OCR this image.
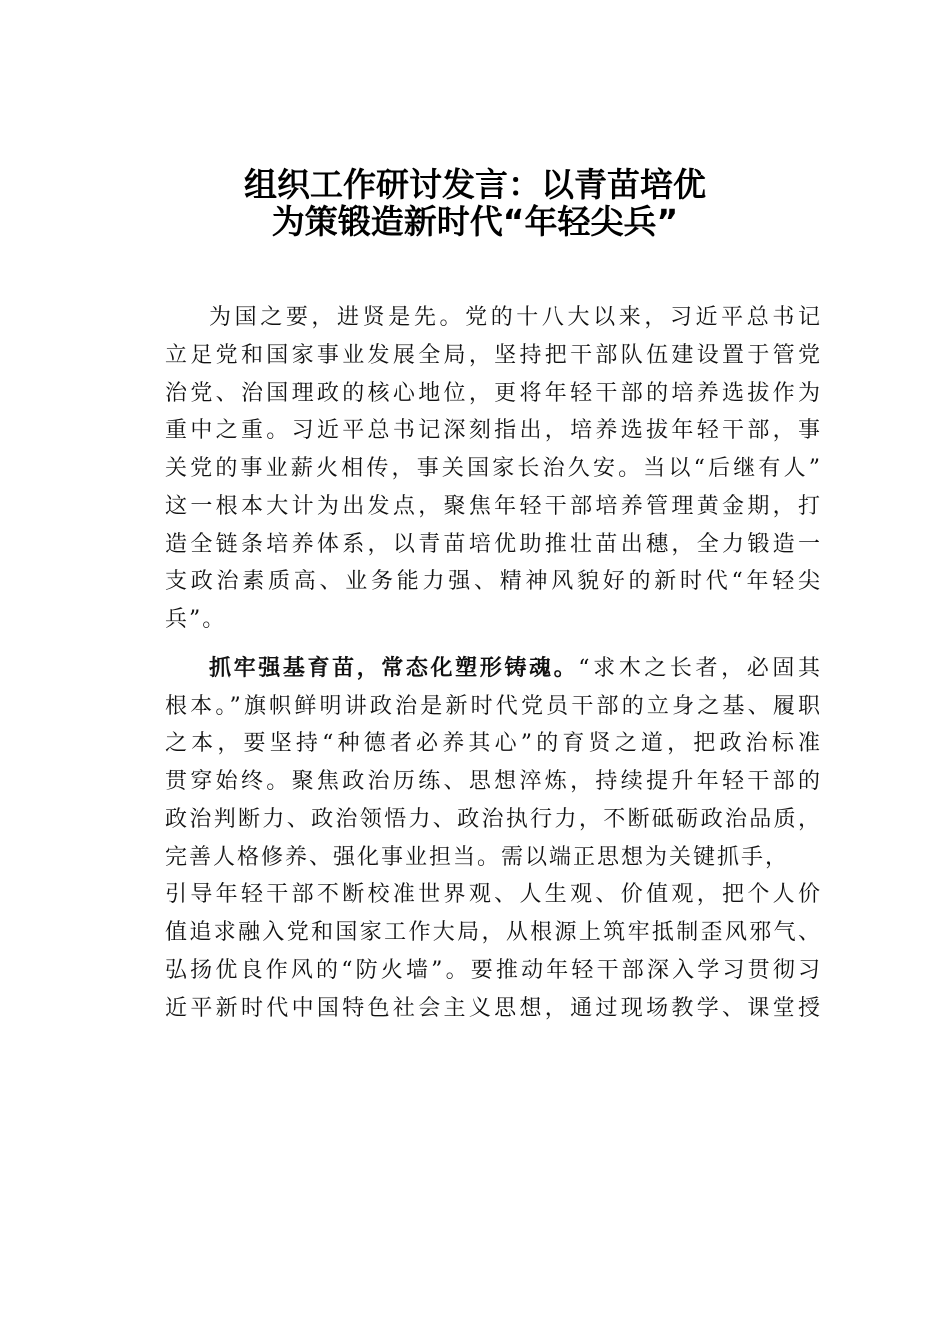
组织工作研讨发言：以青苗培优
为策锻造新时代“年轻尖兵”
为国之要，进贤是先。党的十八大以来，习近平总书记
立足党和国家事业发展全局，坚持把干部队伍建设置于管党
治党、治国理政的核心地位，更将年轻干部的培养选拔作为
重中之重。习近平总书记深刻指出，培养选拔年轻干部，事
关党的事业薪火相传，事关国家长治久安。当以“后继有人”
这一根本大计为出发点，聚焦年轻干部培养管理黄金期，打
造全链条培养体系，以青苗培优助推壮苗出穗，全力锻造一
支政治素质高、业务能力强、精神风貌好的新时代“年轻尖
兵”。
抓牢强基育苗，常态化塑形铸魂。“求木之长者，必固其
根本。”旗帜鲜明讲政治是新时代党员干部的立身之基、履职
之本，要坚持“种德者必养其心”的育贤之道，把政治标准
贯穿始终。聚焦政治历练、思想淬炼，持续提升年轻干部的
政治判断力、政治领悟力、政治执行力，不断砥砺政治品质，
完善人格修养、强化事业担当。需以端正思想为关键抓手，
引导年轻干部不断校准世界观、人生观、价值观，把个人价
值追求融入党和国家工作大局，从根源上筑牢抵制歪风邪气、
弘扬优良作风的“防火墙”。要推动年轻干部深入学习贯彻习
近平新时代中国特色社会主义思想，通过现场教学、课堂授
